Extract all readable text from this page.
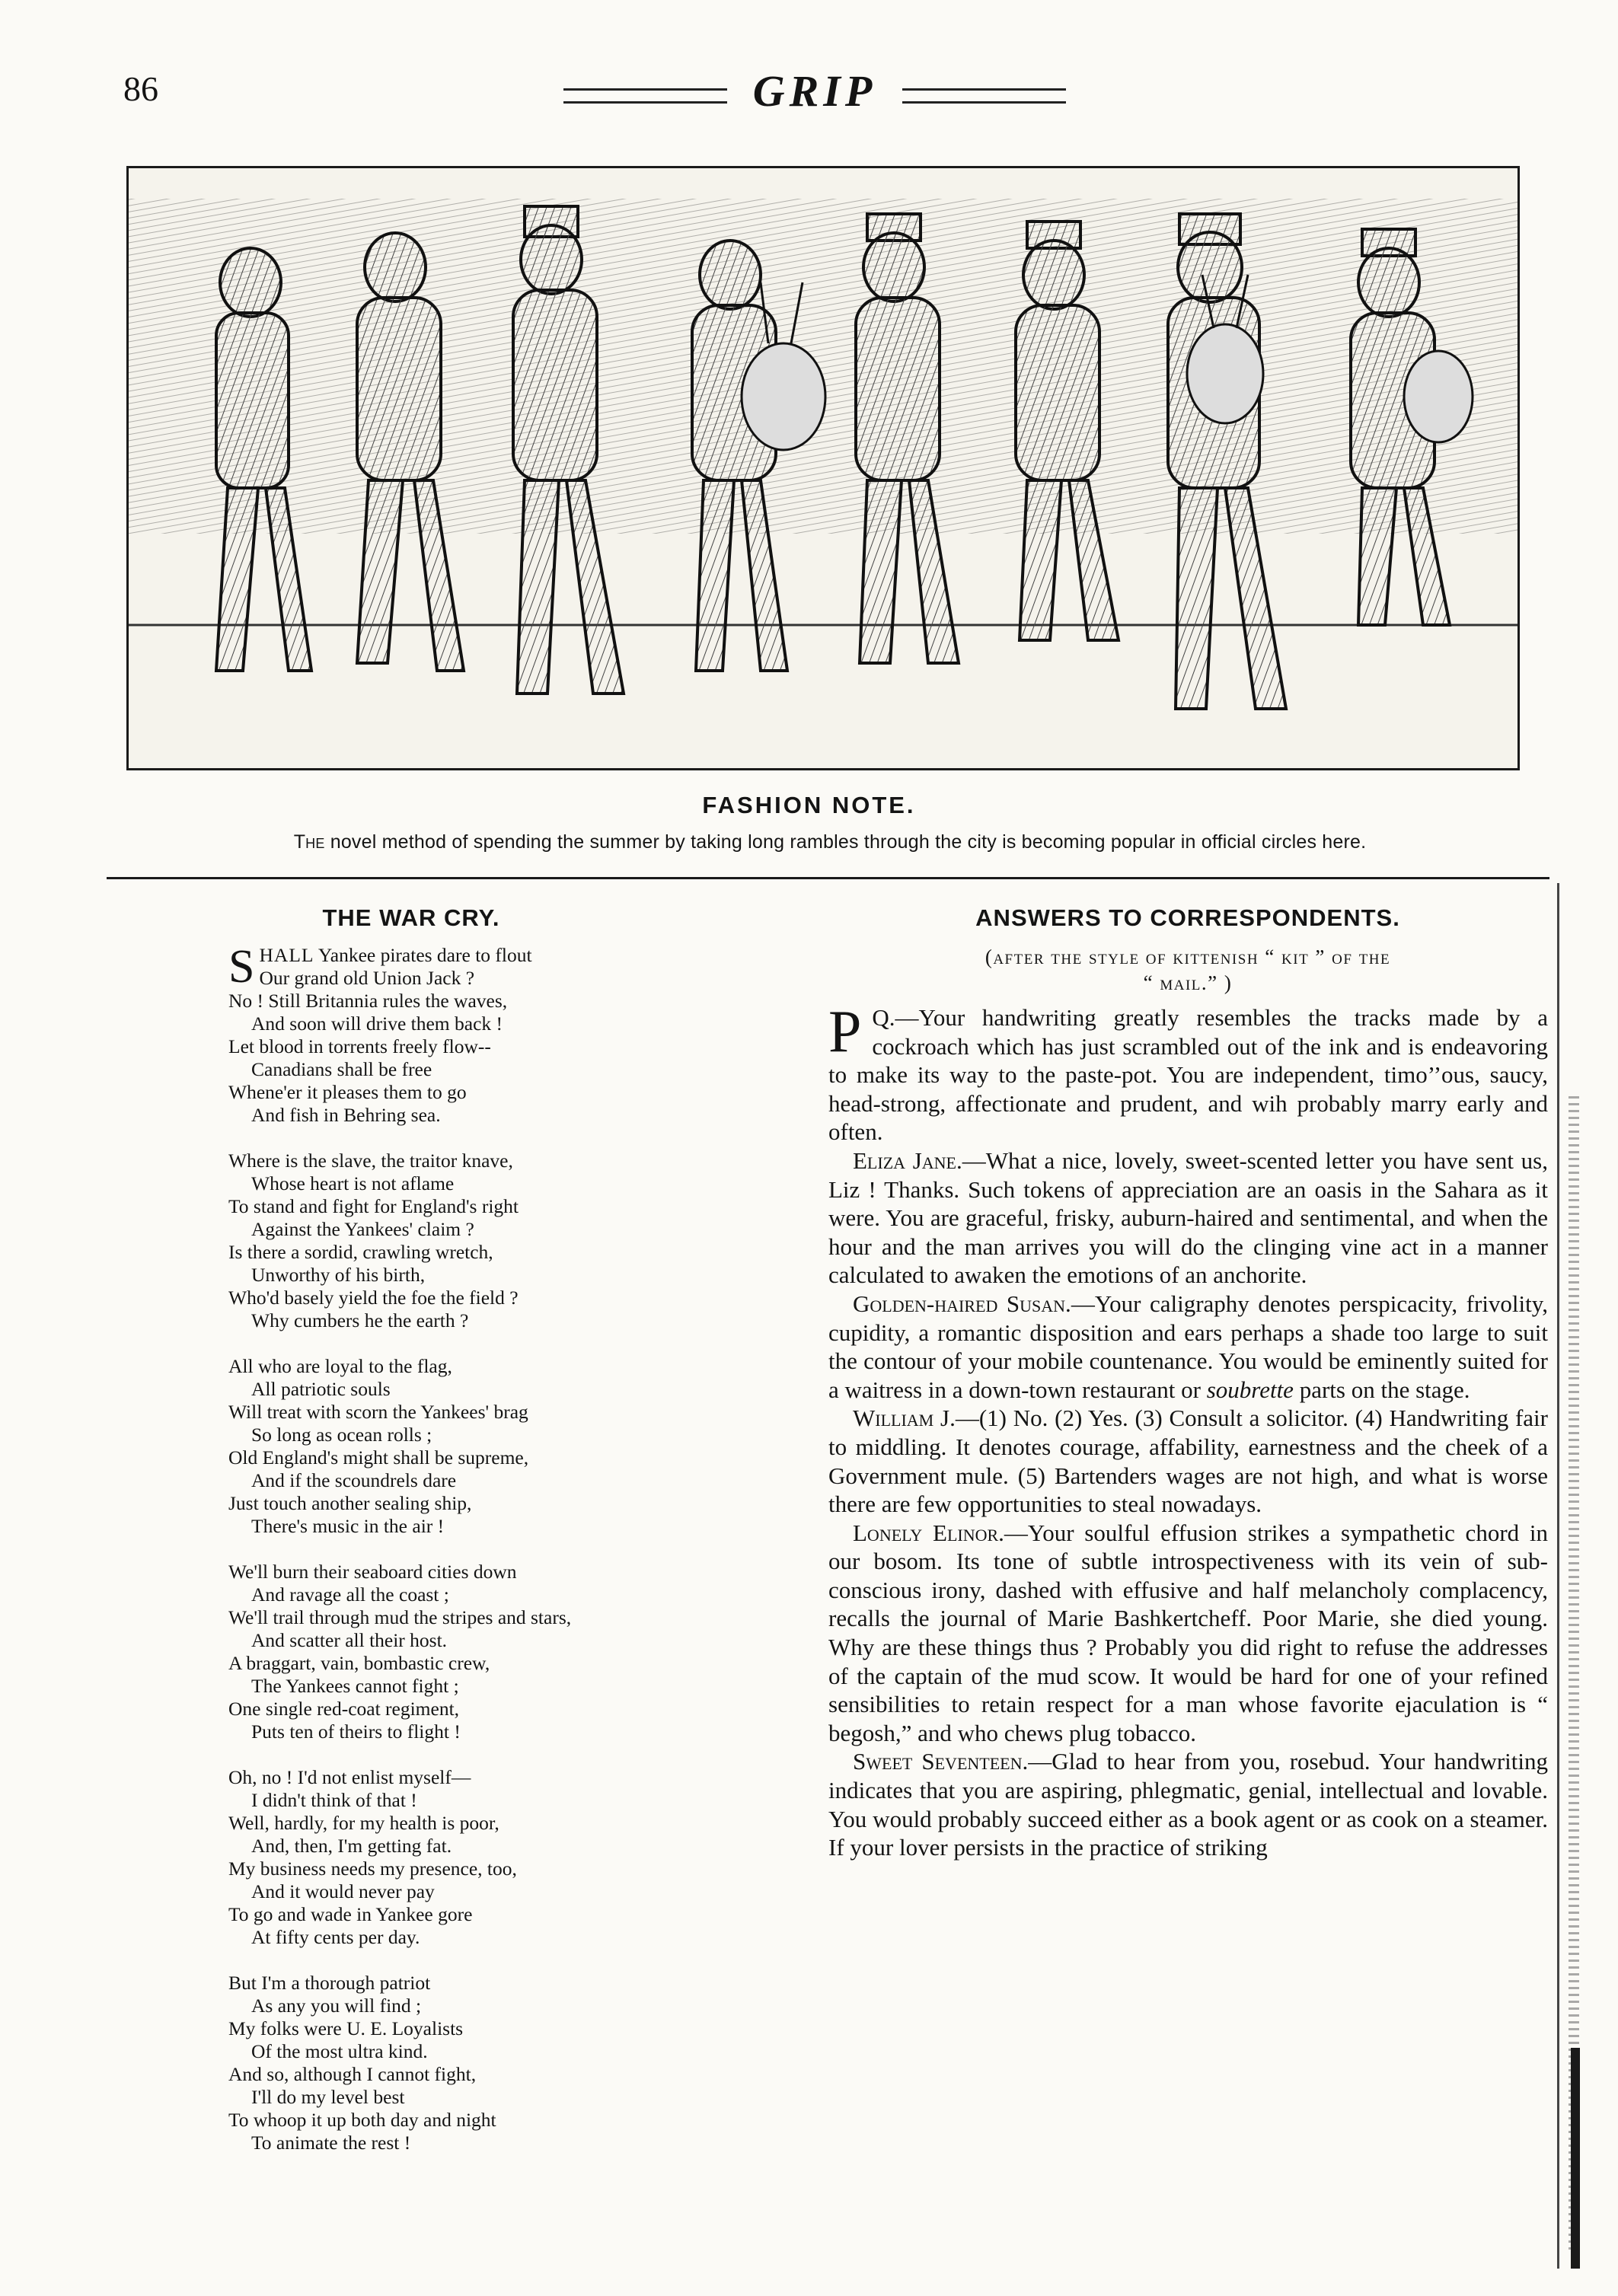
86	GRIP
FASHION NOTE.
The novel method of spending the summer by taking long rambles through the city is becoming popular in official circles here.
THE WAR CRY.
SHALL Yankee pirates dare to flout
Our grand old Union Jack ?
No ! Still Britannia rules the waves,
And soon will drive them back !
Let blood in torrents freely flow--
Canadians shall be free
Whene'er it pleases them to go
And fish in Behring sea.
Where is the slave, the traitor knave,
Whose heart is not aflame
To stand and fight for England's right
Against the Yankees' claim ?
Is there a sordid, crawling wretch,
Unworthy of his birth,
Who'd basely yield the foe the field ?
Why cumbers he the earth ?
All who are loyal to the flag,
All patriotic souls
Will treat with scorn the Yankees' brag
So long as ocean rolls ;
Old England's might shall be supreme,
And if the scoundrels dare
Just touch another sealing ship,
There's music in the air !
We'll burn their seaboard cities down
And ravage all the coast ;
We'll trail through mud the stripes and stars,
And scatter all their host.
A braggart, vain, bombastic crew,
The Yankees cannot fight ;
One single red-coat regiment,
Puts ten of theirs to flight !
Oh, no ! I'd not enlist myself—
I didn't think of that !
Well, hardly, for my health is poor,
And, then, I'm getting fat.
My business needs my presence, too,
And it would never pay
To go and wade in Yankee gore
At fifty cents per day.
But I'm a thorough patriot
As any you will find ;
My folks were U. E. Loyalists
Of the most ultra kind.
And so, although I cannot fight,
I'll do my level best
To whoop it up both day and night
To animate the rest !
ANSWERS TO CORRESPONDENTS.
(after the style of kittenish “ kit ” of the
“ mail.” )

P Q.—Your handwriting greatly resembles the tracks made by a cockroach which has just scrambled out of the ink and is endeavoring to make its way to the paste-pot. You are independent, timo’’ous, saucy, head-strong, affectionate and prudent, and wih probably marry early and often.

Eliza Jane.—What a nice, lovely, sweet-scented letter you have sent us, Liz ! Thanks. Such tokens of appreciation are an oasis in the Sahara as it were. You are graceful, frisky, auburn-haired and sentimental, and when the hour and the man arrives you will do the clinging vine act in a manner calculated to awaken the emotions of an anchorite.

Golden-haired Susan.—Your caligraphy denotes perspicacity, frivolity, cupidity, a romantic disposition and ears perhaps a shade too large to suit the contour of your mobile countenance. You would be eminently suited for a waitress in a down-town restaurant or soubrette parts on the stage.

William J.—(1) No. (2) Yes. (3) Consult a solicitor. (4) Handwriting fair to middling. It denotes courage, affability, earnestness and the cheek of a Government mule. (5) Bartenders wages are not high, and what is worse there are few opportunities to steal nowadays.

Lonely Elinor.—Your soulful effusion strikes a sympathetic chord in our bosom. Its tone of subtle introspectiveness with its vein of sub-conscious irony, dashed with effusive and half melancholy complacency, recalls the journal of Marie Bashkertcheff. Poor Marie, she died young. Why are these things thus ? Probably you did right to refuse the addresses of the captain of the mud scow. It would be hard for one of your refined sensibilities to retain respect for a man whose favorite ejaculation is “ begosh,” and who chews plug tobacco.

Sweet Seventeen.—Glad to hear from you, rosebud. Your handwriting indicates that you are aspiring, phlegmatic, genial, intellectual and lovable. You would probably succeed either as a book agent or as cook on a steamer. If your lover persists in the practice of striking
